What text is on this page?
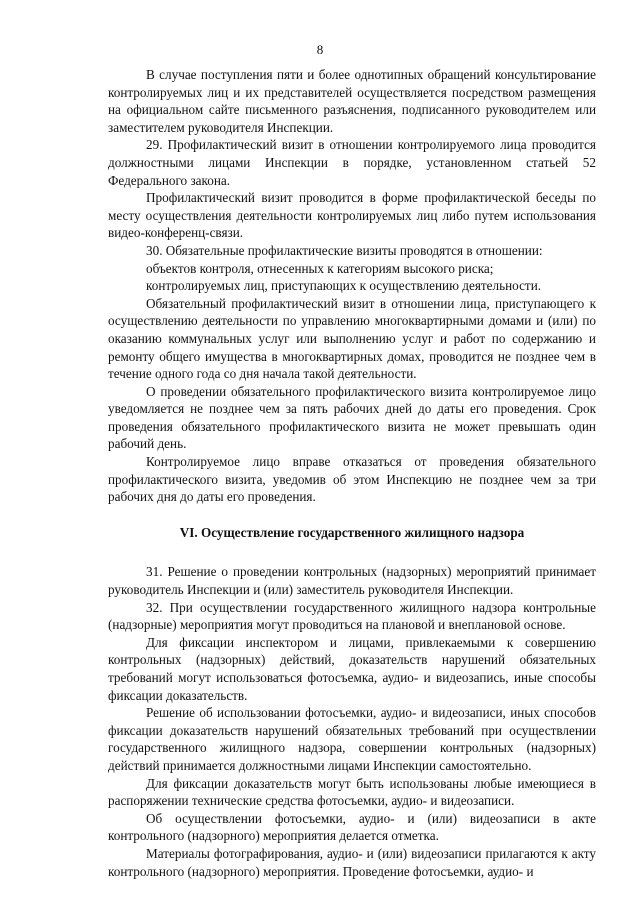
8

В случае поступления пяти и более однотипных обращений консультирование контролируемых лиц и их представителей осуществляется посредством размещения на официальном сайте письменного разъяснения, подписанного руководителем или заместителем руководителя Инспекции.

29. Профилактический визит в отношении контролируемого лица проводится должностными лицами Инспекции в порядке, установленном статьей 52 Федерального закона.

Профилактический визит проводится в форме профилактической беседы по месту осуществления деятельности контролируемых лиц либо путем использования видео-конференц-связи.

30. Обязательные профилактические визиты проводятся в отношении:

объектов контроля, отнесенных к категориям высокого риска;

контролируемых лиц, приступающих к осуществлению деятельности.

Обязательный профилактический визит в отношении лица, приступающего к осуществлению деятельности по управлению многоквартирными домами и (или) по оказанию коммунальных услуг или выполнению услуг и работ по содержанию и ремонту общего имущества в многоквартирных домах, проводится не позднее чем в течение одного года со дня начала такой деятельности.

О проведении обязательного профилактического визита контролируемое лицо уведомляется не позднее чем за пять рабочих дней до даты его проведения. Срок проведения обязательного профилактического визита не может превышать один рабочий день.

Контролируемое лицо вправе отказаться от проведения обязательного профилактического визита, уведомив об этом Инспекцию не позднее чем за три рабочих дня до даты его проведения.

VI. Осуществление государственного жилищного надзора

31. Решение о проведении контрольных (надзорных) мероприятий принимает руководитель Инспекции и (или) заместитель руководителя Инспекции.

32. При осуществлении государственного жилищного надзора контрольные (надзорные) мероприятия могут проводиться на плановой и внеплановой основе.

Для фиксации инспектором и лицами, привлекаемыми к совершению контрольных (надзорных) действий, доказательств нарушений обязательных требований могут использоваться фотосъемка, аудио- и видеозапись, иные способы фиксации доказательств.

Решение об использовании фотосъемки, аудио- и видеозаписи, иных способов фиксации доказательств нарушений обязательных требований при осуществлении государственного жилищного надзора, совершении контрольных (надзорных) действий принимается должностными лицами Инспекции самостоятельно.

Для фиксации доказательств могут быть использованы любые имеющиеся в распоряжении технические средства фотосъемки, аудио- и видеозаписи.

Об осуществлении фотосъемки, аудио- и (или) видеозаписи в акте контрольного (надзорного) мероприятия делается отметка.

Материалы фотографирования, аудио- и (или) видеозаписи прилагаются к акту контрольного (надзорного) мероприятия. Проведение фотосъемки, аудио- и
